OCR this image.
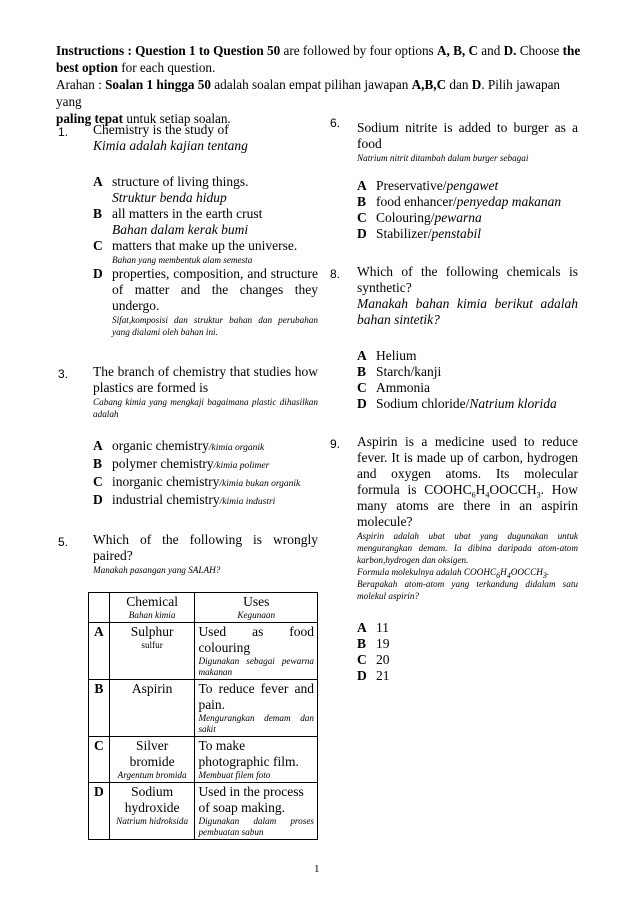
Instructions : Question 1 to Question 50 are followed by four options A, B, C and D. Choose the
best option for each question.

Arahan : Soalan 1 hingga 50 adalah soalan empat pilihan jawapan A,B,C dan D. Pilih jawapan yang
paling tepat untuk setiap soalan.

1. Chemistry is the study of
Kimia adalah kajian tentang
A structure of living things.
Struktur benda hidup
B all matters in the earth crust
Bahan dalam kerak bumi
C matters that make up the universe.
Bahan yang membentuk alam semesta
D properties, composition, and structure of matter and the changes they undergo.
Sifat,komposisi dan struktur bahan dan perubahan yang dialami oleh bahan ini.
3. The branch of chemistry that studies how plastics are formed is
Cabang kimia yang mengkaji bagaimana plastic dihasilkan adalah
A organic chemistry/kimia organik
B polymer chemistry/kimia polimer
C inorganic chemistry/kimia bukan organik
D industrial chemistry/kimia industri
5. Which of the following is wrongly paired?
Manakah pasangan yang SALAH?
	Chemical
Bahan kimia	Uses
Kegunaan

A	Sulphur
sulfur	Used as food colouring
Digunakan sebagai pewarna makanan

B	Aspirin	To reduce fever and pain.
Mengurangkan demam dan sakit

C	Silver bromide
Argentum bromida	To make photographic film.
Membuat filem foto

D	Sodium hydroxide
Natrium hidroksida	Used in the process of soap making.
Digunakan dalam proses pembuatan sabun
6. Sodium nitrite is added to burger as a food
Natrium nitrit ditambah dalam burger sebagai
A Preservative/pengawet
B food enhancer/penyedap makanan
C Colouring/pewarna
D Stabilizer/penstabil
8. Which of the following chemicals is synthetic?
Manakah bahan kimia berikut adalah bahan sintetik?
A Helium
B Starch/kanji
C Ammonia
D Sodium chloride/Natrium klorida
9. Aspirin is a medicine used to reduce fever. It is made up of carbon, hydrogen and oxygen atoms. Its molecular formula is $COOHC_6H_4OOCCH_3$. How many atoms are there in an aspirin molecule?
Aspirin adalah ubat ubat yang dugunakan untuk mengurangkan demam. Ia dibina daripada atom-atom karbon,hydrogen dan oksigen.
Formula molekulnya adalah $COOHC_6H_4OOCCH_3$.
Berapakah atom-atom yang terkandung didalam satu molekul aspirin?
A 11
B 19
C 20
D 21
1
